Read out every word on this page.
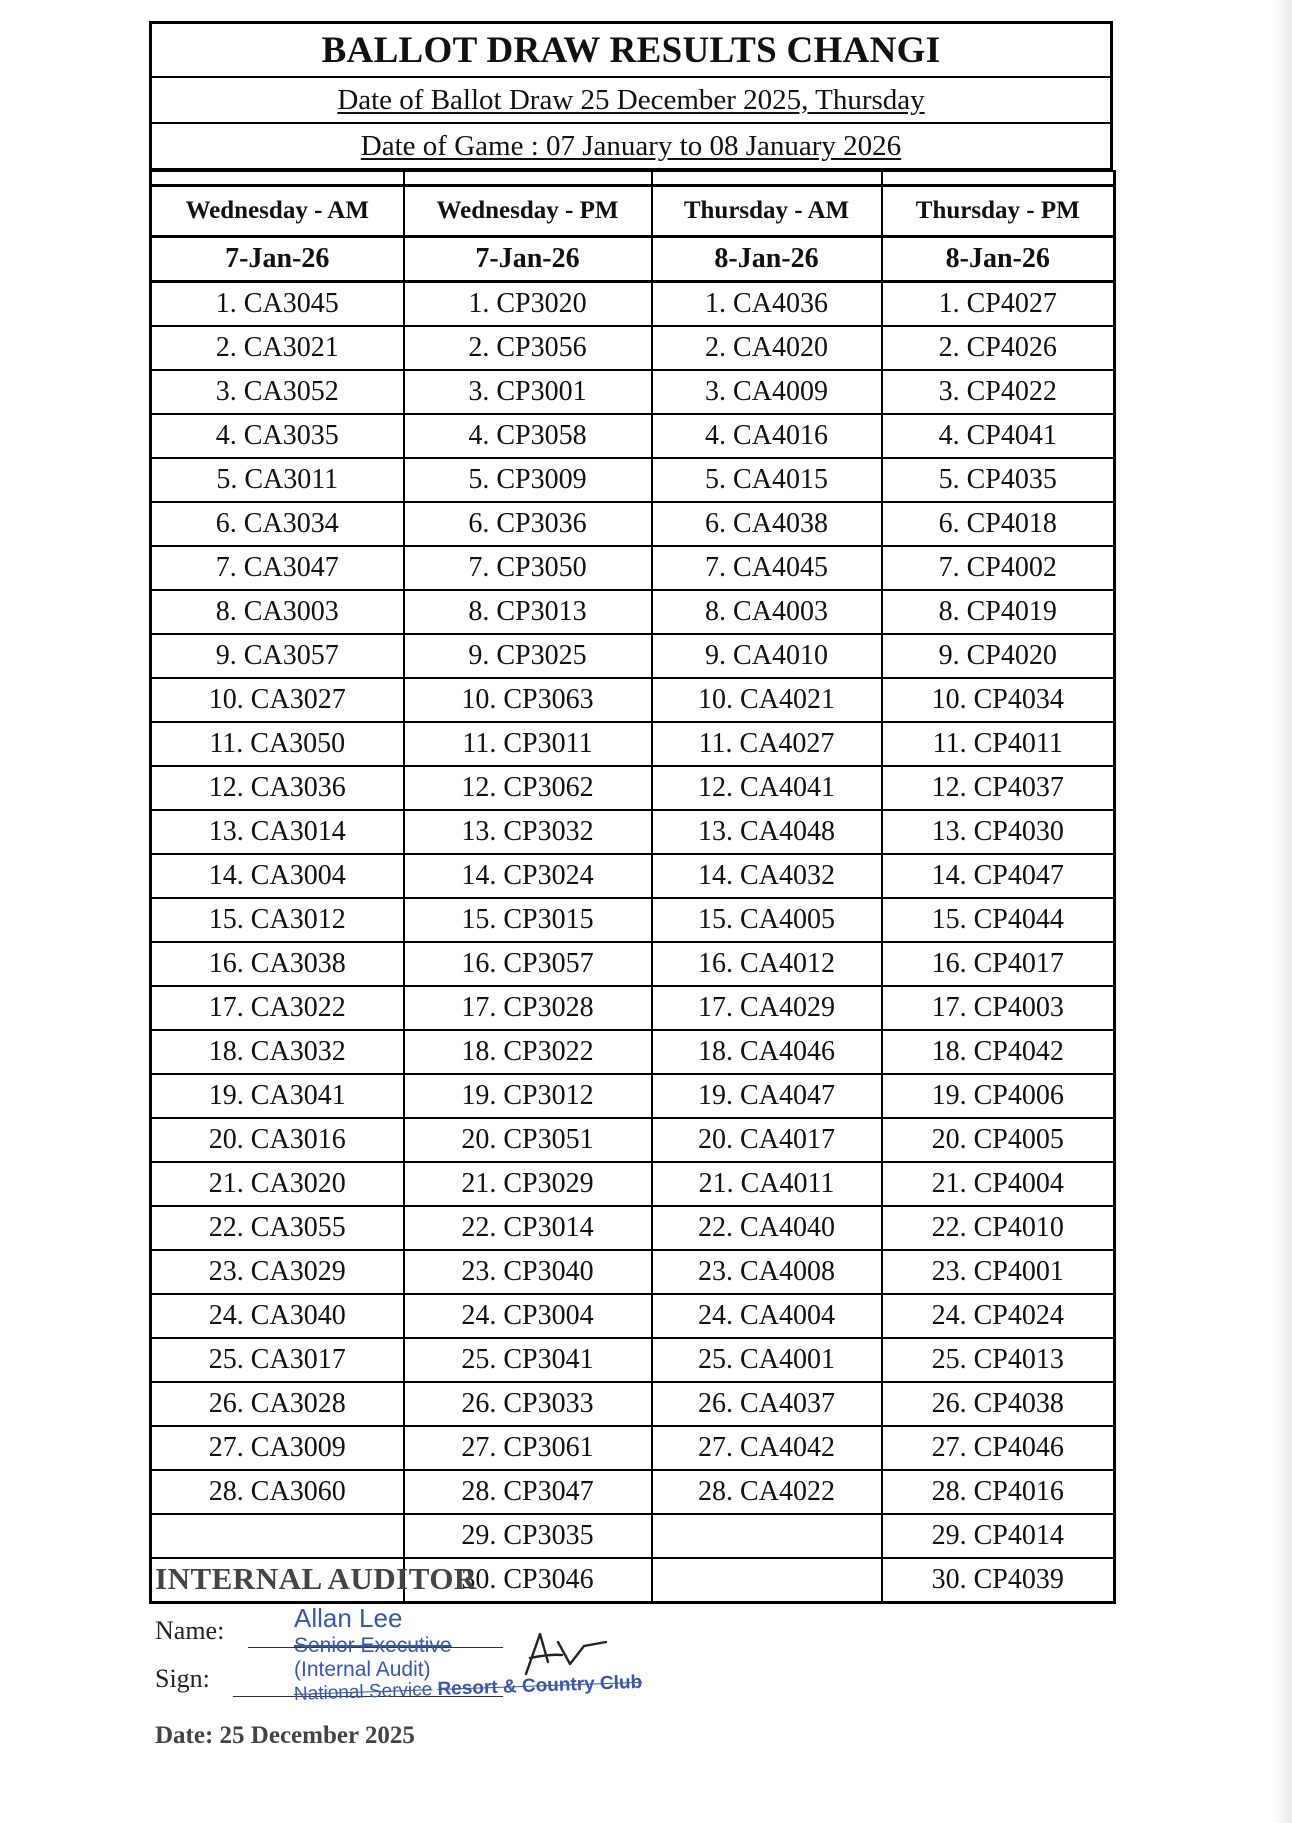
BALLOT DRAW RESULTS CHANGI
Date of Ballot Draw 25 December 2025, Thursday
Date of Game : 07 January to 08 January 2026

Wednesday - AM	Wednesday - PM	Thursday - AM	Thursday - PM
7-Jan-26	7-Jan-26	8-Jan-26	8-Jan-26
1. CA3045	1. CP3020	1. CA4036	1. CP4027
2. CA3021	2. CP3056	2. CA4020	2. CP4026
3. CA3052	3. CP3001	3. CA4009	3. CP4022
4. CA3035	4. CP3058	4. CA4016	4. CP4041
5. CA3011	5. CP3009	5. CA4015	5. CP4035
6. CA3034	6. CP3036	6. CA4038	6. CP4018
7. CA3047	7. CP3050	7. CA4045	7. CP4002
8. CA3003	8. CP3013	8. CA4003	8. CP4019
9. CA3057	9. CP3025	9. CA4010	9. CP4020
10. CA3027	10. CP3063	10. CA4021	10. CP4034
11. CA3050	11. CP3011	11. CA4027	11. CP4011
12. CA3036	12. CP3062	12. CA4041	12. CP4037
13. CA3014	13. CP3032	13. CA4048	13. CP4030
14. CA3004	14. CP3024	14. CA4032	14. CP4047
15. CA3012	15. CP3015	15. CA4005	15. CP4044
16. CA3038	16. CP3057	16. CA4012	16. CP4017
17. CA3022	17. CP3028	17. CA4029	17. CP4003
18. CA3032	18. CP3022	18. CA4046	18. CP4042
19. CA3041	19. CP3012	19. CA4047	19. CP4006
20. CA3016	20. CP3051	20. CA4017	20. CP4005
21. CA3020	21. CP3029	21. CA4011	21. CP4004
22. CA3055	22. CP3014	22. CA4040	22. CP4010
23. CA3029	23. CP3040	23. CA4008	23. CP4001
24. CA3040	24. CP3004	24. CA4004	24. CP4024
25. CA3017	25. CP3041	25. CA4001	25. CP4013
26. CA3028	26. CP3033	26. CA4037	26. CP4038
27. CA3009	27. CP3061	27. CA4042	27. CP4046
28. CA3060	28. CP3047	28. CA4022	28. CP4016
	29. CP3035		29. CP4014
	30. CP3046		30. CP4039
INTERNAL AUDITOR
Name:
Sign:
Allan Lee
Senior Executive
(Internal Audit)
National Service Resort & Country Club
Date: 25 December 2025
